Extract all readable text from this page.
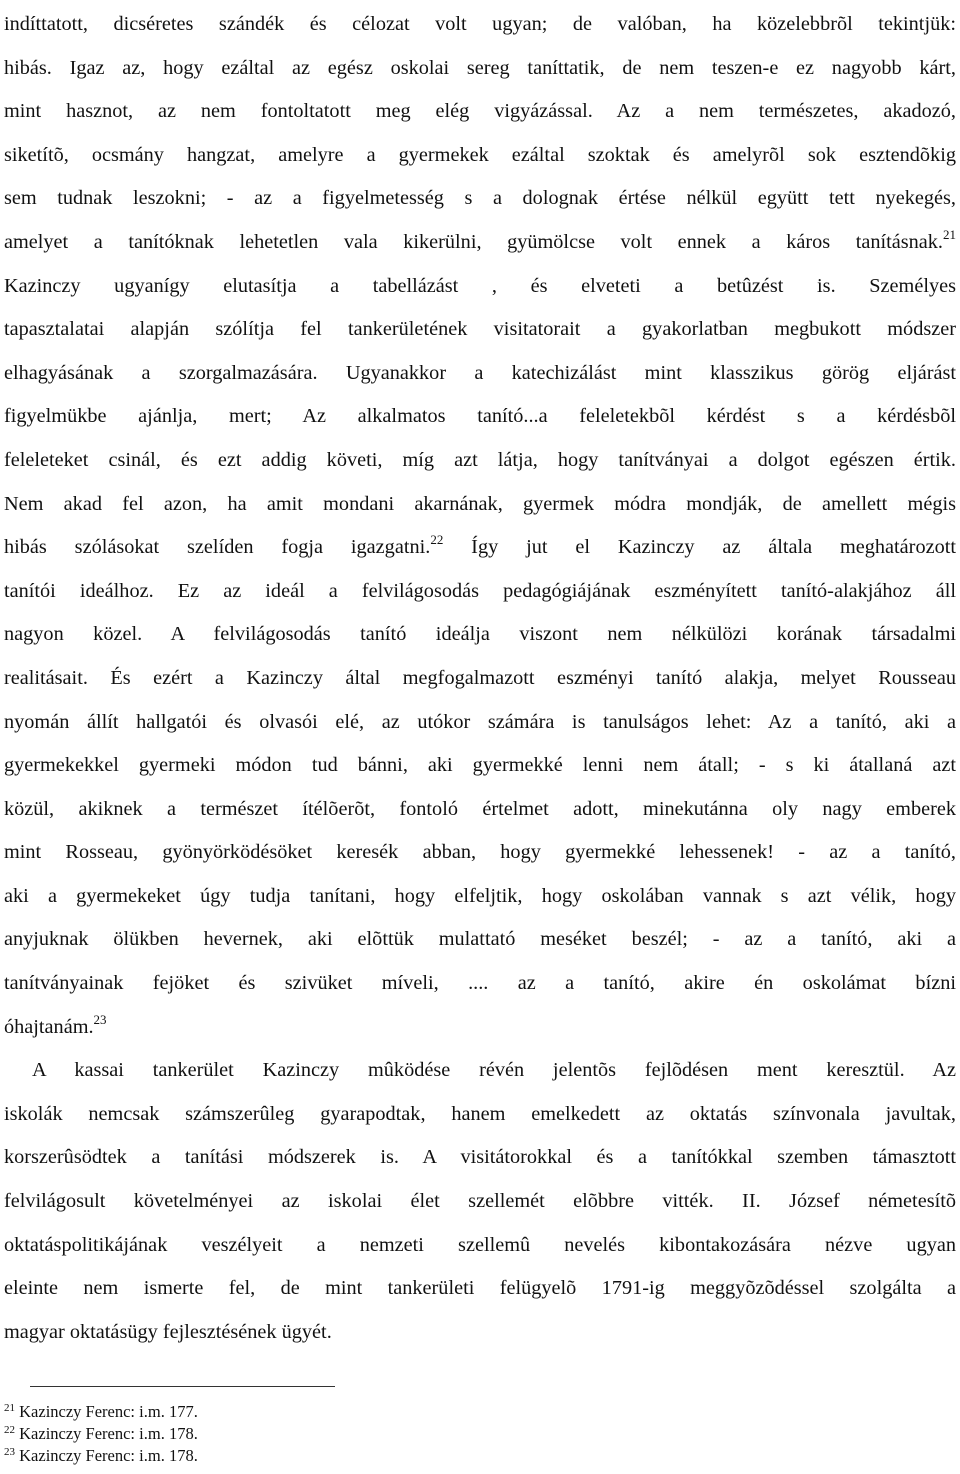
indíttatott, dicséretes szándék és célozat volt ugyan; de valóban, ha közelebbrõl tekintjük:
hibás. Igaz az, hogy ezáltal az egész oskolai sereg taníttatik, de nem teszen-e ez nagyobb kárt,
mint hasznot, az nem fontoltatott meg elég vigyázással. Az a nem természetes, akadozó,
siketítõ, ocsmány hangzat, amelyre a gyermekek ezáltal szoktak és amelyrõl sok esztendõkig
sem tudnak leszokni; - az a figyelmetesség s a dolognak értése nélkül együtt tett nyekegés,
amelyet a tanítóknak lehetetlen vala kikerülni, gyümölcse volt ennek a káros tanításnak.$^{21}$
Kazinczy ugyanígy elutasítja a tabellázást , és elveteti a betûzést is. Személyes
tapasztalatai alapján szólítja fel tankerületének visitatorait a gyakorlatban megbukott módszer
elhagyásának a szorgalmazására. Ugyanakkor a katechizálást mint klasszikus görög eljárást
figyelmükbe ajánlja, mert; Az alkalmatos tanító...a feleletekbõl kérdést s a kérdésbõl
feleleteket csinál, és ezt addig követi, míg azt látja, hogy tanítványai a dolgot egészen értik.
Nem akad fel azon, ha amit mondani akarnának, gyermek módra mondják, de amellett mégis
hibás szólásokat szelíden fogja igazgatni.$^{22}$ Így jut el Kazinczy az általa meghatározott
tanítói ideálhoz. Ez az ideál a felvilágosodás pedagógiájának eszményített tanító-alakjához áll
nagyon közel. A felvilágosodás tanító ideálja viszont nem nélkülözi korának társadalmi
realitásait. És ezért a Kazinczy által megfogalmazott eszményi tanító alakja, melyet Rousseau
nyomán állít hallgatói és olvasói elé, az utókor számára is tanulságos lehet: Az a tanító, aki a
gyermekekkel gyermeki módon tud bánni, aki gyermekké lenni nem átall; - s ki átallaná azt
közül, akiknek a természet ítélõerõt, fontoló értelmet adott, minekutánna oly nagy emberek
mint Rosseau, gyönyörködésöket keresék abban, hogy gyermekké lehessenek! - az a tanító,
aki a gyermekeket úgy tudja tanítani, hogy elfeljtik, hogy oskolában vannak s azt vélik, hogy
anyjuknak ölükben hevernek, aki elõttük mulattató meséket beszél; - az a tanító, aki a
tanítványainak fejöket és szivüket míveli, .... az a tanító, akire én oskolámat bízni
óhajtanám.$^{23}$
A kassai tankerület Kazinczy mûködése révén jelentõs fejlõdésen ment keresztül. Az
iskolák nemcsak számszerûleg gyarapodtak, hanem emelkedett az oktatás színvonala javultak,
korszerûsödtek a tanítási módszerek is. A visitátorokkal és a tanítókkal szemben támasztott
felvilágosult követelményei az iskolai élet szellemét elõbbre vitték. II. József németesítõ
oktatáspolitikájának veszélyeit a nemzeti szellemû nevelés kibontakozására nézve ugyan
eleinte nem ismerte fel, de mint tankerületi felügyelõ 1791-ig meggyõzõdéssel szolgálta a
magyar oktatásügy fejlesztésének ügyét.
$^{21}$ Kazinczy Ferenc: i.m. 177.
$^{22}$ Kazinczy Ferenc: i.m. 178.
$^{23}$ Kazinczy Ferenc: i.m. 178.
